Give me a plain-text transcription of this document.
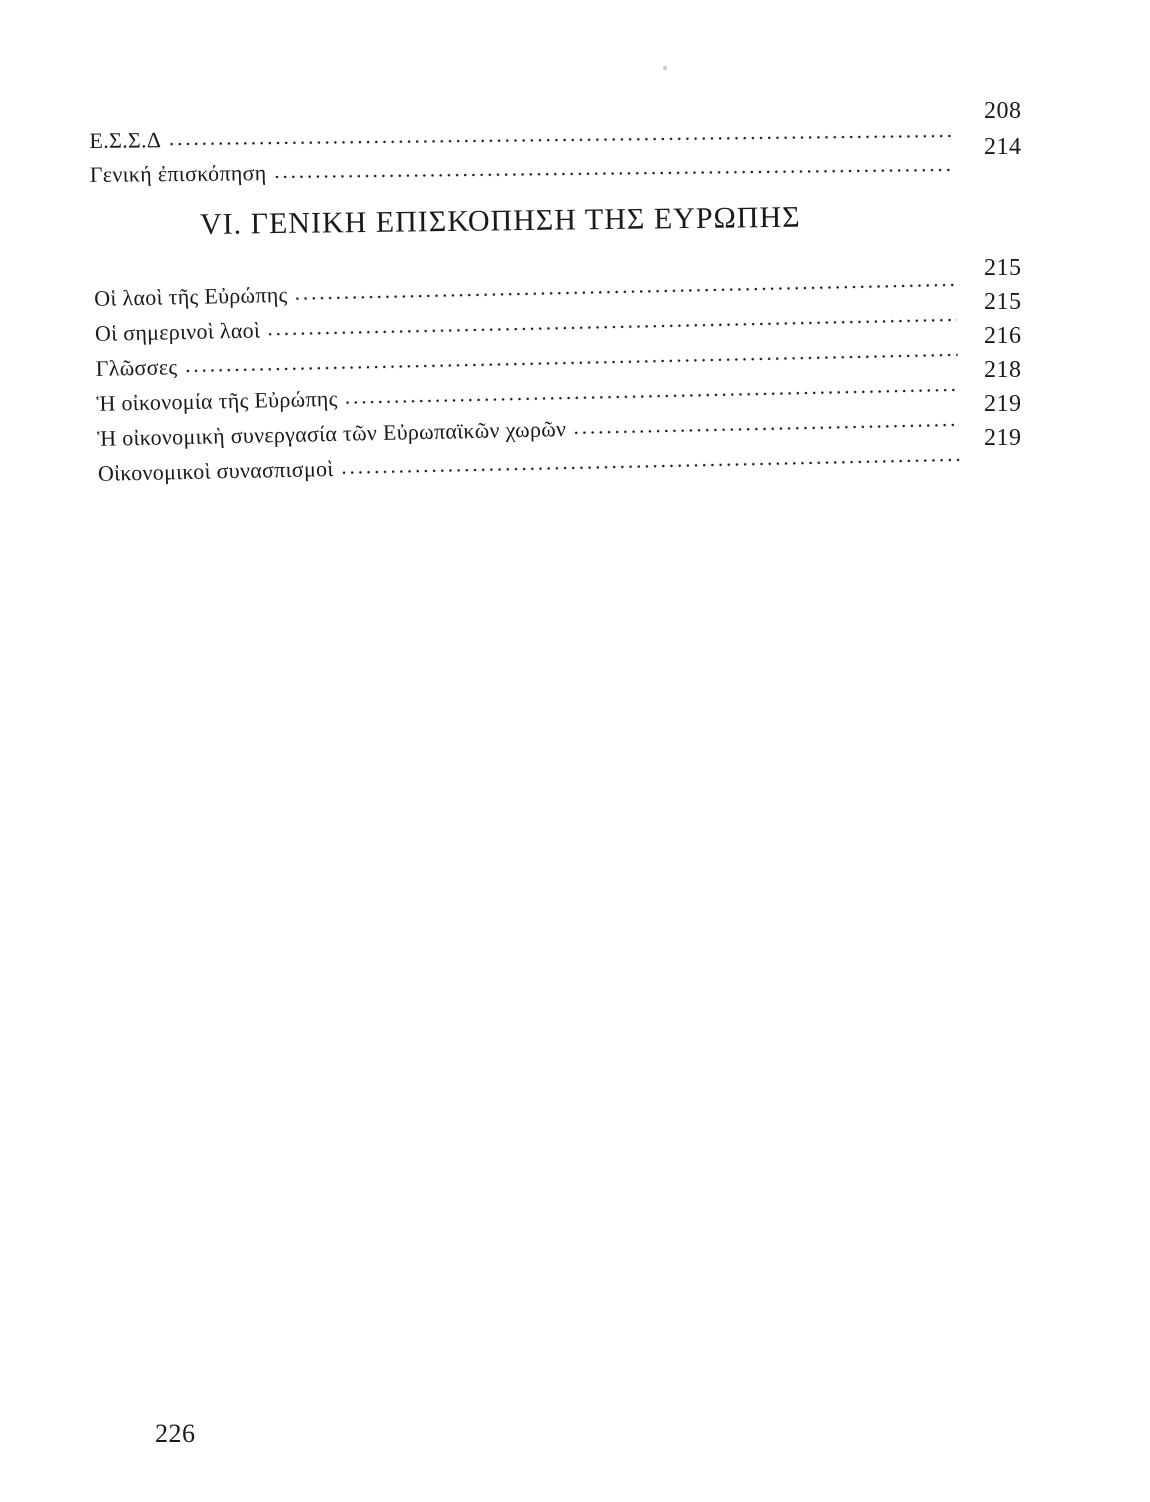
Ε.Σ.Σ.Δ
Γενική ἐπισκόπηση
208
214
VI. ΓΕΝΙΚΗ ΕΠΙΣΚΟΠΗΣΗ ΤΗΣ ΕΥΡΩΠΗΣ
Οἱ λαοὶ τῆς Εὐρώπης
Οἱ σημερινοὶ λαοὶ
Γλῶσσες
Ἡ οἰκονομία τῆς Εὐρώπης
Ἡ οἰκονομικὴ συνεργασία τῶν Εὐρωπαϊκῶν χωρῶν
Οἰκονομικοὶ συνασπισμοὶ
215
215
216
218
219
219
226
